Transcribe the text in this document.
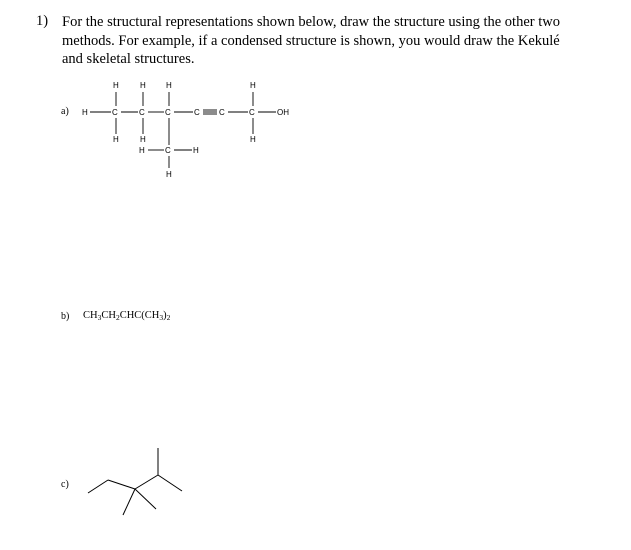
1) For the structural representations shown below, draw the structure using the other two
methods. For example, if a condensed structure is shown, you would draw the Kekulé
and skeletal structures.
a)
b)
c)
$CH_3CH_2CHC(CH_3)_2$
H	H	H	H
H	C	C	C	C C	C	OH
H	H	H
H	C	H
H
